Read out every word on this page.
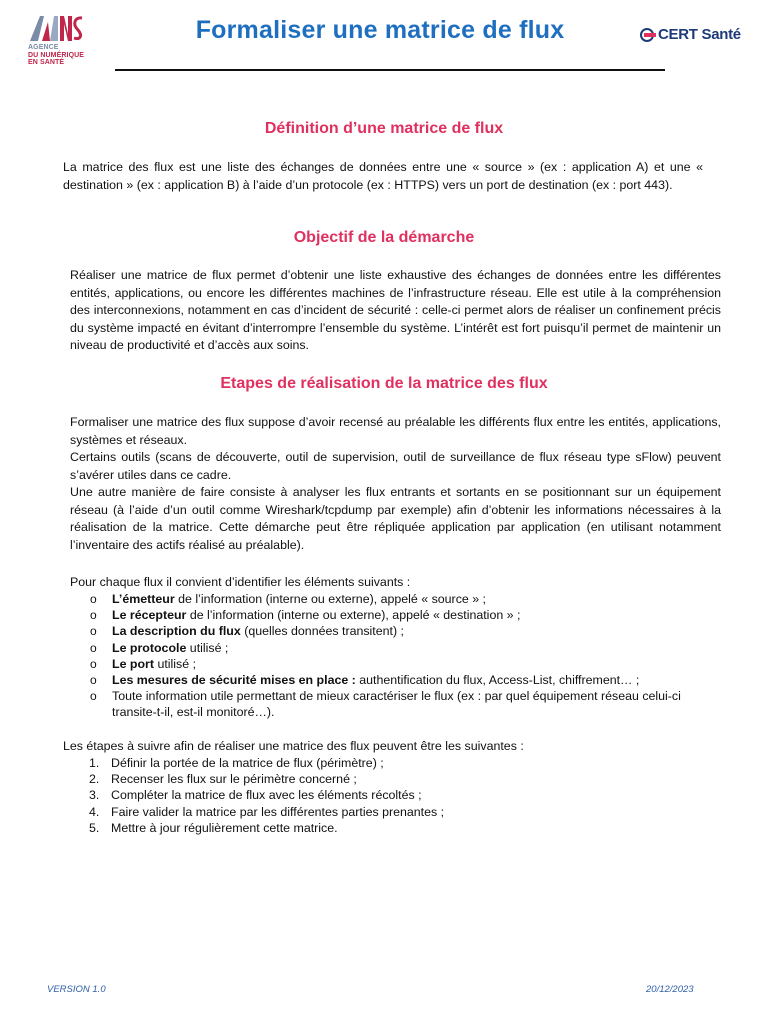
AGENCE
DU NUMÉRIQUE
EN SANTÉ
Formaliser une matrice de flux	CERT Santé
Définition d’une matrice de flux

La matrice des flux est une liste des échanges de données entre une « source » (ex : application A) et une « destination » (ex : application B) à l’aide d’un protocole (ex : HTTPS) vers un port de destination (ex : port 443).

Objectif de la démarche

Réaliser une matrice de flux permet d’obtenir une liste exhaustive des échanges de données entre les différentes entités, applications, ou encore les différentes machines de l’infrastructure réseau. Elle est utile à la compréhension des interconnexions, notamment en cas d’incident de sécurité : celle-ci permet alors de réaliser un confinement précis du système impacté en évitant d’interrompre l’ensemble du système. L’intérêt est fort puisqu’il permet de maintenir un niveau de productivité et d’accès aux soins.

Etapes de réalisation de la matrice des flux

Formaliser une matrice des flux suppose d’avoir recensé au préalable les différents flux entre les entités, applications, systèmes et réseaux.

Certains outils (scans de découverte, outil de supervision, outil de surveillance de flux réseau type sFlow) peuvent s’avérer utiles dans ce cadre.

Une autre manière de faire consiste à analyser les flux entrants et sortants en se positionnant sur un équipement réseau (à l’aide d’un outil comme Wireshark/tcpdump par exemple) afin d’obtenir les informations nécessaires à la réalisation de la matrice. Cette démarche peut être répliquée application par application (en utilisant notamment l’inventaire des actifs réalisé au préalable).

Pour chaque flux il convient d’identifier les éléments suivants :

o L’émetteur de l’information (interne ou externe), appelé « source » ;
o Le récepteur de l’information (interne ou externe), appelé « destination » ;
o La description du flux (quelles données transitent) ;
o Le protocole utilisé ;
o Le port utilisé ;
o Les mesures de sécurité mises en place : authentification du flux, Access-List, chiffrement… ;
o Toute information utile permettant de mieux caractériser le flux (ex : par quel équipement réseau celui-ci transite-t-il, est-il monitoré…).

Les étapes à suivre afin de réaliser une matrice des flux peuvent être les suivantes :

1. Définir la portée de la matrice de flux (périmètre) ;
2. Recenser les flux sur le périmètre concerné ;
3. Compléter la matrice de flux avec les éléments récoltés ;
4. Faire valider la matrice par les différentes parties prenantes ;
5. Mettre à jour régulièrement cette matrice.
VERSION 1.0	20/12/2023
